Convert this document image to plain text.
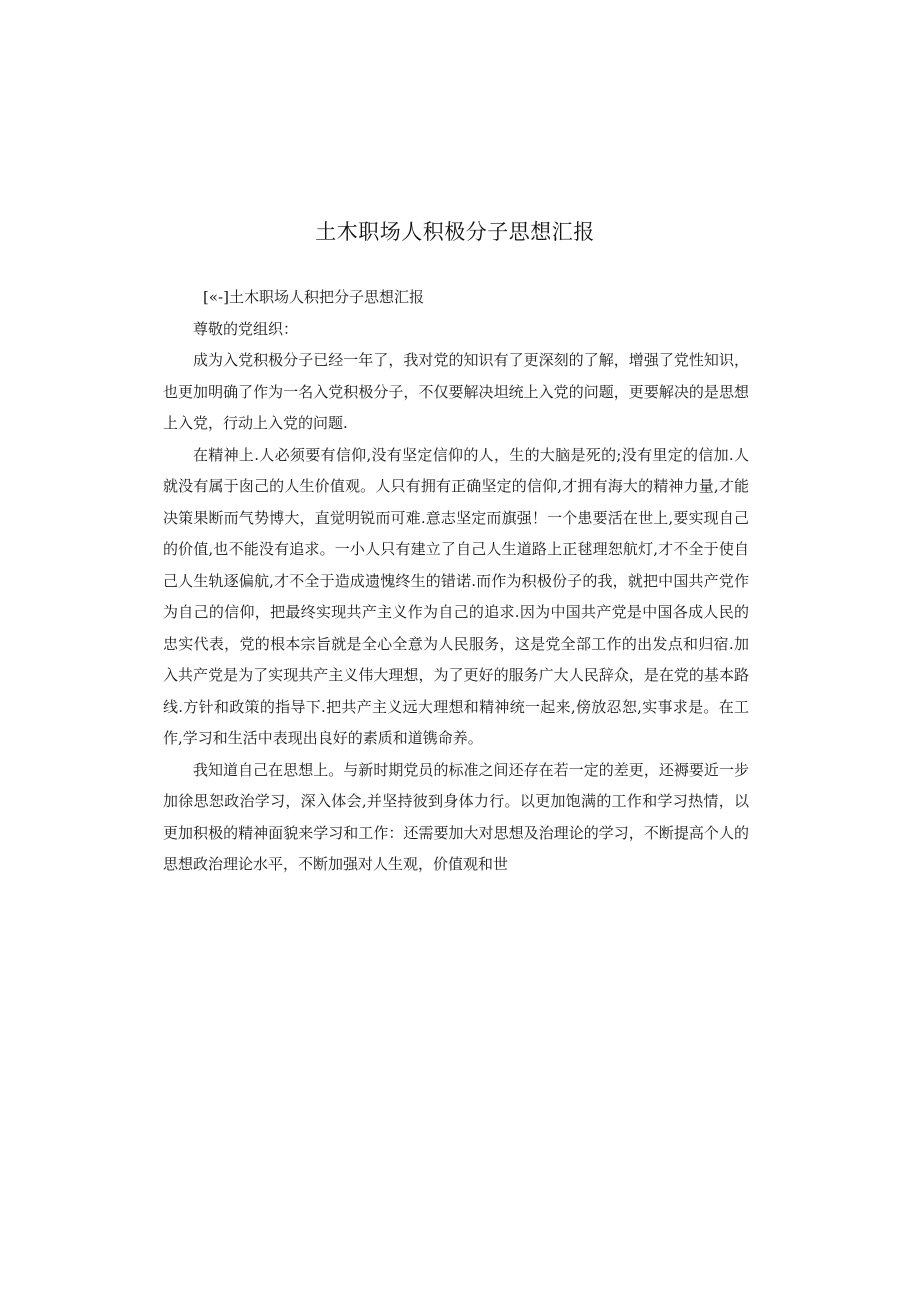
土木职场人积极分子思想汇报

[«-]土木职场人积把分子思想汇报

尊敬的党组织：

成为入党积极分子已经一年了，我对党的知识有了更深刻的了解，增强了党性知识，也更加明确了作为一名入党积极分子，不仅要解决坦统上入党的问题，更要解决的是思想上入党，行动上入党的问题.

在精神上.人必须要有信仰,没有坚定信仰的人，生的大脑是死的;没有里定的信加.人就没有属于囱己的人生价值观。人只有拥有正确坚定的信仰,才拥有海大的精神力量,才能决策果断而气势博大，直觉明锐而可难.意志坚定而旗强！一个患要活在世上,要实现自己的价值,也不能没有追求。一小人只有建立了自己人生道路上正毬理恕航灯,才不全于使自己人生轨逐偏航,才不全于造成遗愧终生的错诺.而作为积极份子的我，就把中国共产党作为自己的信仰，把最终实现共产主义作为自己的追求.因为中国共产党是中国各成人民的忠实代表，党的根本宗旨就是全心全意为人民服务，这是党全部工作的出发点和归宿.加入共产党是为了实现共产主义伟大理想，为了更好的服务广大人民辞众，是在党的基本路线.方针和政策的指导下.把共产主义远大理想和精神统一起来,傍放忍恕,实事求是。在工作,学习和生活中表现出良好的素质和道镌命养。

我知道自己在思想上。与新时期党员的标准之间还存在若一定的差更，还褥要近一步加徐思恕政治学习，深入体会,并坚持彼到身体力行。以更加饱满的工作和学习热情，以更加积极的精神面貌来学习和工作：还需要加大对思想及治理论的学习，不断提高个人的思想政治理论水平，不断加强对人生观，价值观和世
